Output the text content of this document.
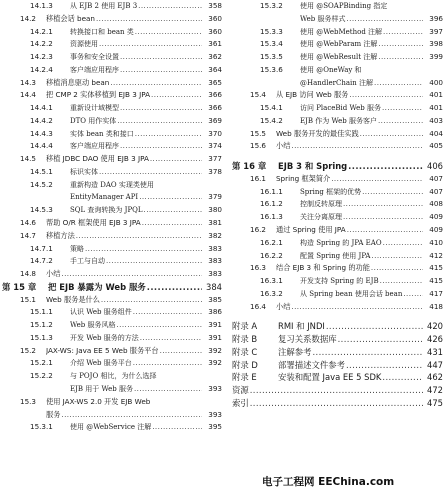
14.1.3 从 EJB 2 使用 EJB 3 .....	358
14.2 移植会话 bean .....	360
14.2.1 转换接口和 bean 类 .....	360
14.2.2 资源使用 .....	361
14.2.3 事务和安全设置 .....	362
14.2.4 客户端应用程序 .....	364
14.3 移植消息驱动 bean .....	365
14.4 把 CMP 2 实体移植到 EJB 3 JPA .....	366
14.4.1 重新设计域模型 .....	366
14.4.2 DTO 用作实体 .....	369
14.4.3 实体 bean 类和接口 .....	370
14.4.4 客户端应用程序 .....	374
14.5 移植 JDBC DAO 使用 EJB 3 JPA .....	377
14.5.1 标识实体 .....	378
14.5.2 重新构造 DAO 实现类使用
EntityManager API .....	379
14.5.3 SQL 查询转换为 JPQL .....	380
14.6 帮助 O/R 框架使用 EJB 3 JPA .....	381
14.7 移植方法 .....	382
14.7.1 策略 .....	383
14.7.2 手工与自动 .....	383
14.8 小结 .....	383
第 15 章 把 EJB 暴露为 Web 服务 .....	384
15.1 Web 服务是什么 .....	385
15.1.1 认识 Web 服务组件 .....	386
15.1.2 Web 服务风格 .....	391
15.1.3 开发 Web 服务的方法 .....	391
15.2 JAX-WS: Java EE 5 Web 服务平台 .....	392
15.2.1 介绍 Web 服务平台 .....	392
15.2.2 与 POJO 相比，为什么选择
EJB 用于 Web 服务 .....	393
15.3 使用 JAX-WS 2.0 开发 EJB Web
服务 .....	393
15.3.1 使用 @WebService 注解 .....	395
15.3.2 使用 @SOAPBinding 指定
Web 服务样式 .....	396
15.3.3 使用 @WebMethod 注解 .....	397
15.3.4 使用 @WebParam 注解 .....	398
15.3.5 使用 @WebResult 注解 .....	399
15.3.6 使用 @OneWay 和
@HandlerChain 注解 .....	400
15.4 从 EJB 访问 Web 服务 .....	401
15.4.1 访问 PlaceBid Web 服务 .....	401
15.4.2 EJB 作为 Web 服务客户 .....	403
15.5 Web 服务开发的最佳实践 .....	404
15.6 小结 .....	405
第 16 章 EJB 3 和 Spring .....	406
16.1 Spring 框架简介 .....	407
16.1.1 Spring 框架的优势 .....	407
16.1.2 控制反转原理 .....	408
16.1.3 关注分离原理 .....	409
16.2 通过 Spring 使用 JPA .....	409
16.2.1 构造 Spring 的 JPA EAO .....	410
16.2.2 配置 Spring 使用 JPA .....	412
16.3 结合 EJB 3 和 Spring 的功能 .....	415
16.3.1 开发支持 Spring 的 EJB .....	415
16.3.2 从 Spring bean 使用会话 bean .....	417
16.4 小结 .....	418
附录 A RMI 和 JNDI .....	420
附录 B 复习关系数据库 .....	426
附录 C 注解参考 .....	431
附录 D 部署描述文件参考 .....	447
附录 E	安装和配置 Java EE 5 SDK .....	462
资源 .....	472
索引 .....	475
电子工程网 EEChina.com
